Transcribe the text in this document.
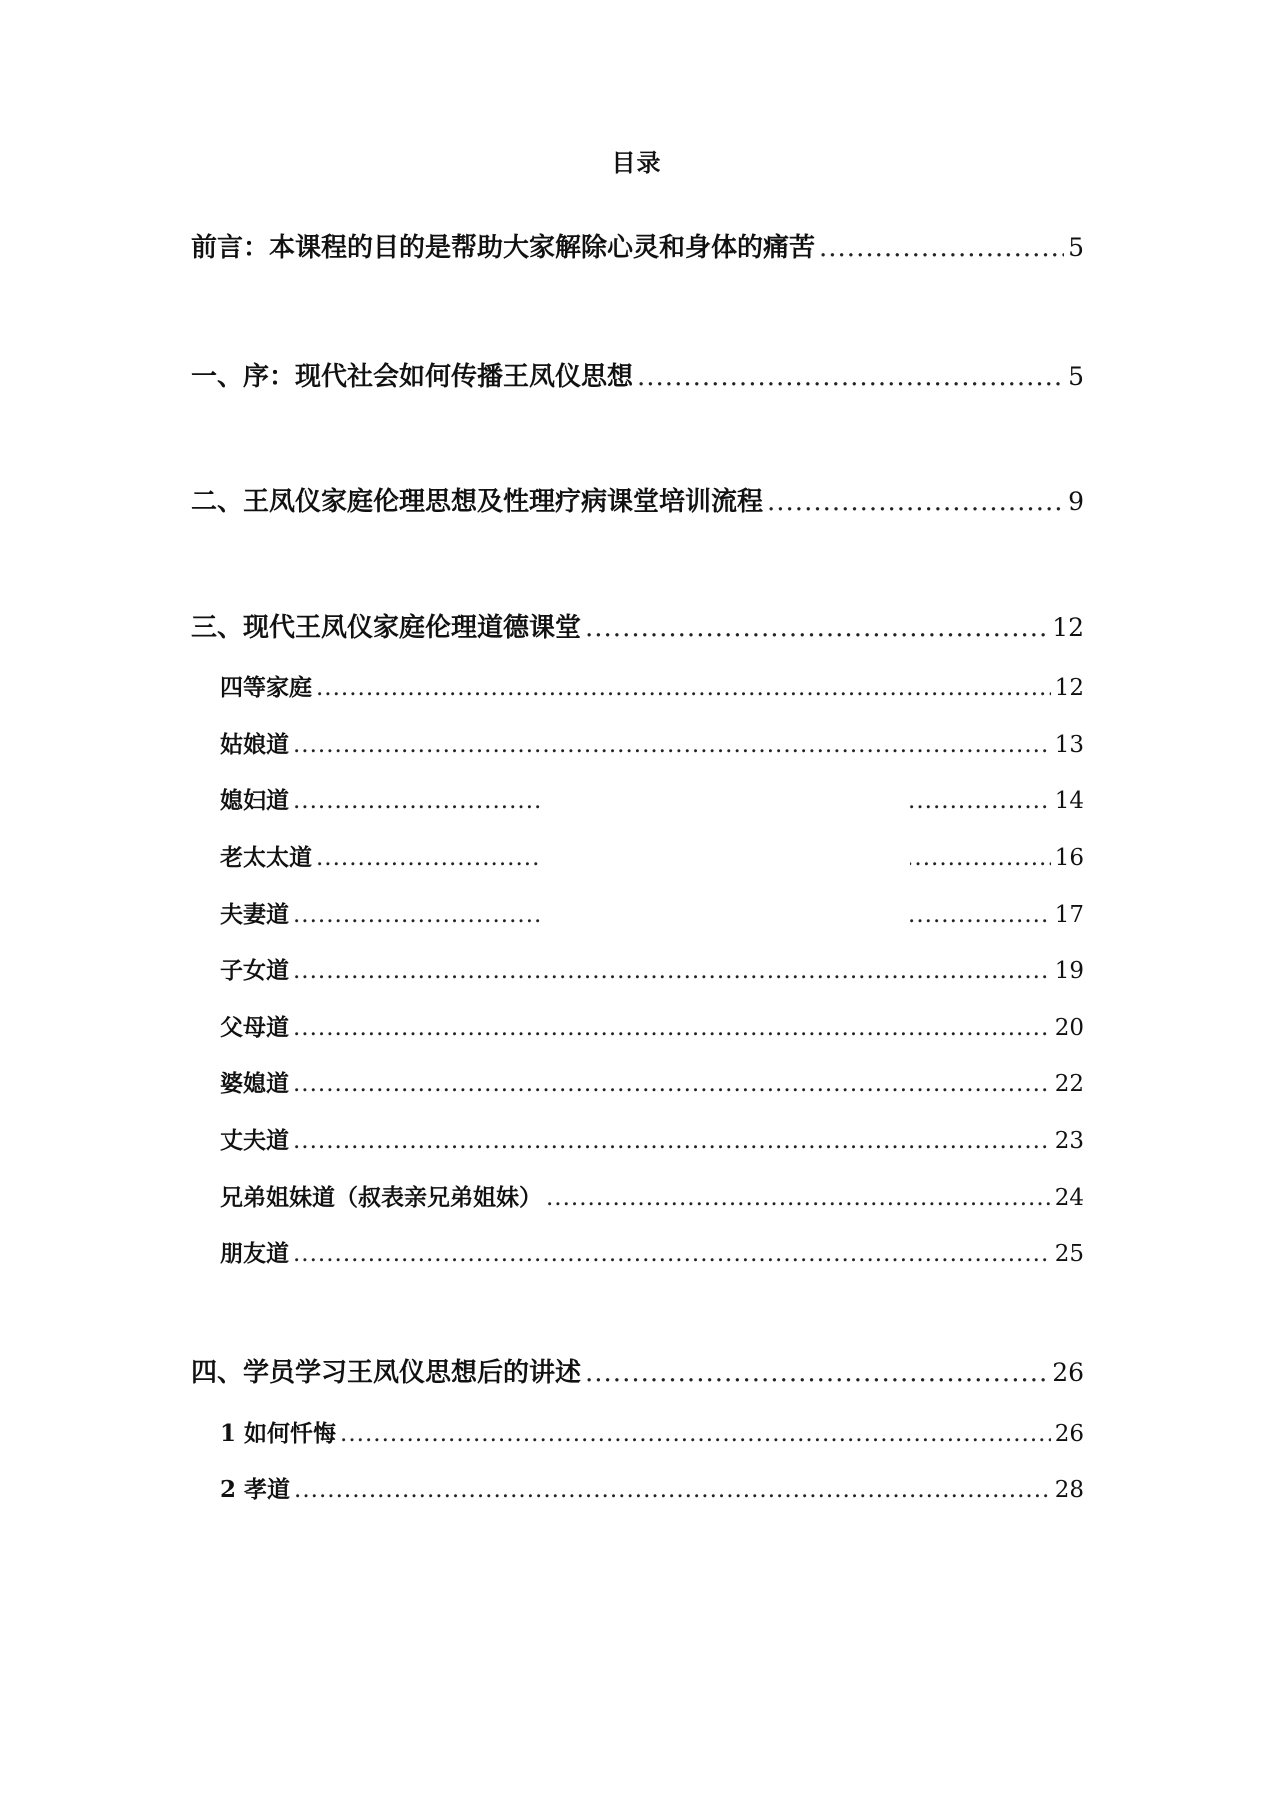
目录
前言：本课程的目的是帮助大家解除心灵和身体的痛苦 .....	5
一、序：现代社会如何传播王凤仪思想 .....	5
二、王凤仪家庭伦理思想及性理疗病课堂培训流程 .....	9
三、现代王凤仪家庭伦理道德课堂 .....	12
四等家庭 .....	12
姑娘道 .....	13
媳妇道 .....	14
老太太道 .....	16
夫妻道 .....	17
子女道 .....	19
父母道 .....	20
婆媳道 .....	22
丈夫道 .....	23
兄弟姐妹道（叔表亲兄弟姐妹） .....	24
朋友道 .....	25
四、学员学习王凤仪思想后的讲述 .....	26
1 如何忏悔 .....	26
2 孝道 .....	28
